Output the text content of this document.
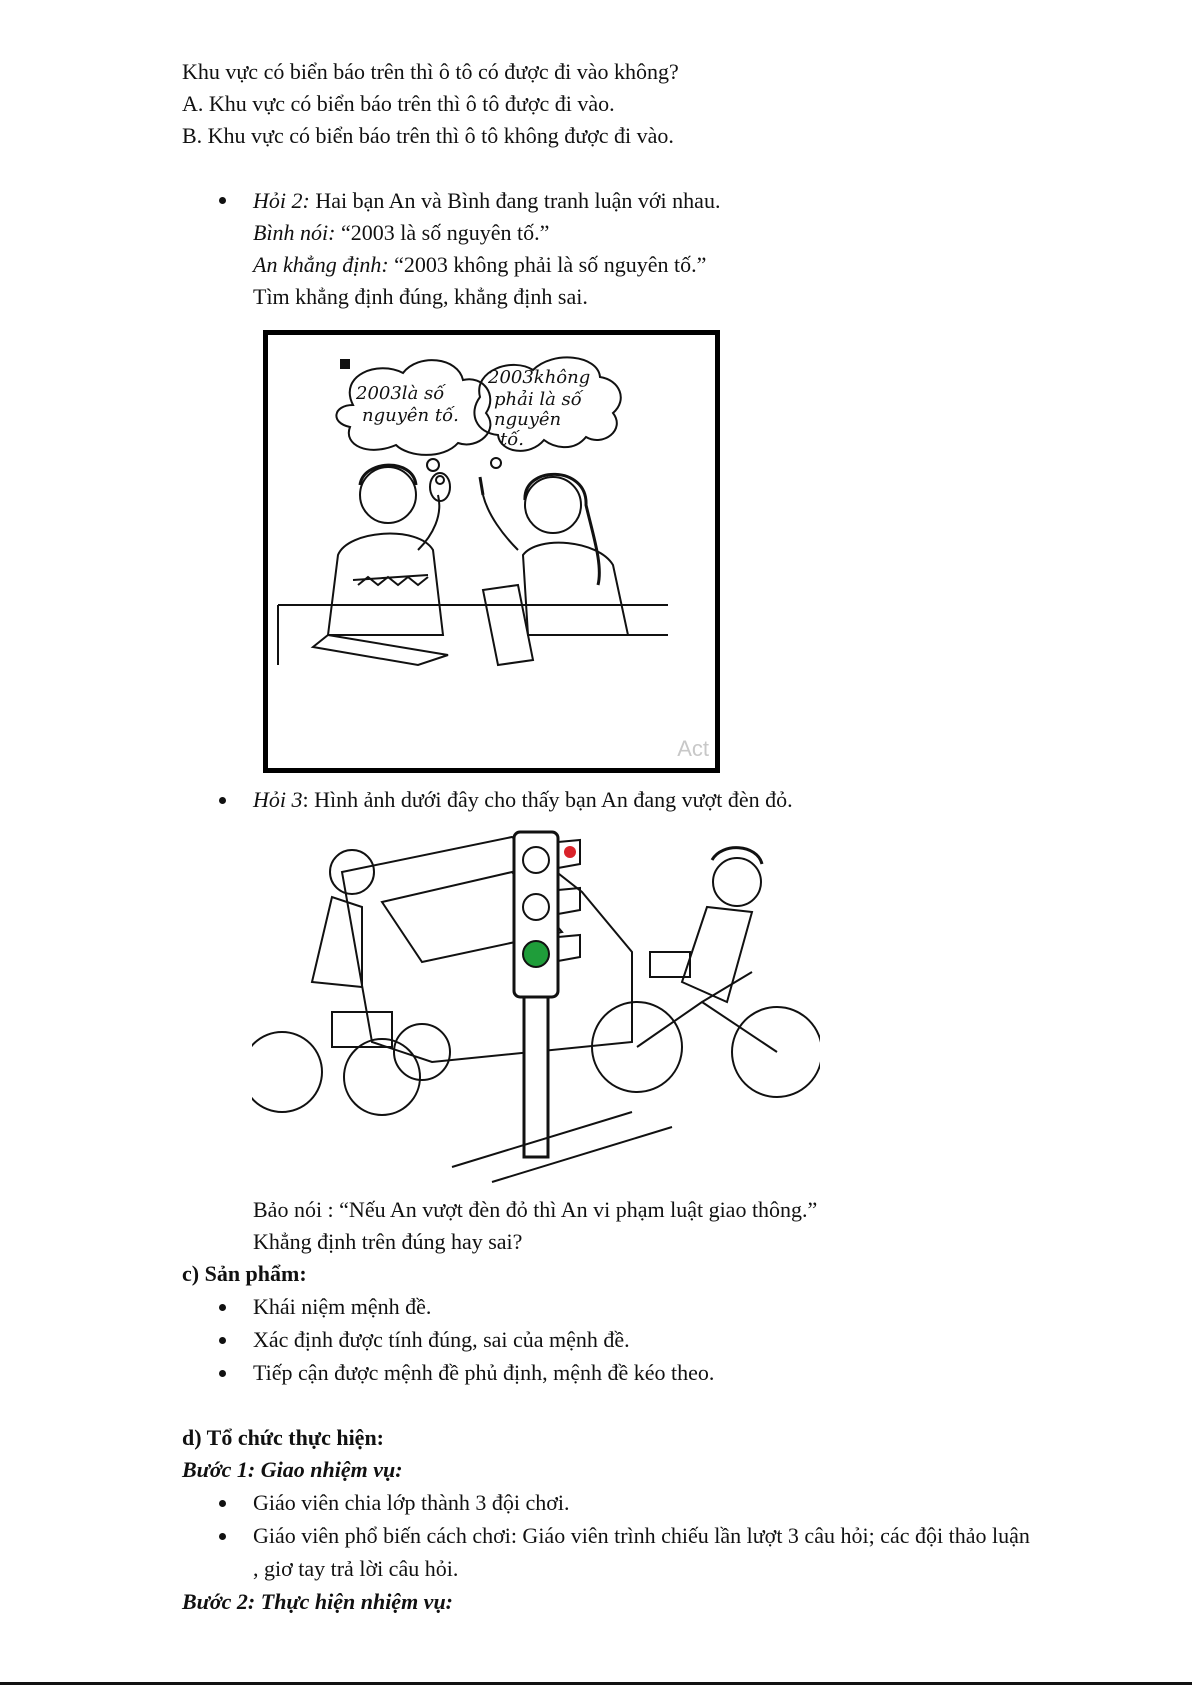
Khu vực có biển báo trên thì ô tô có được đi vào không?
A. Khu vực có biển báo trên thì ô tô được đi vào.
B. Khu vực có biển báo trên thì ô tô không được đi vào.
Hỏi 2: Hai bạn An và Bình đang tranh luận với nhau.
Bình nói: “2003 là số nguyên tố.”
An khẳng định: “2003 không phải là số nguyên tố.”
Tìm khẳng định đúng, khẳng định sai.
2003là số
nguyên tố.
2003không
phải là số
nguyên
tố.
Act
Hỏi 3: Hình ảnh dưới đây cho thấy bạn An đang vượt đèn đỏ.
Bảo nói : “Nếu An vượt đèn đỏ thì An vi phạm luật giao thông.”
Khẳng định trên đúng hay sai?
c) Sản phẩm:
Khái niệm mệnh đề.
Xác định được tính đúng, sai của mệnh đề.
Tiếp cận được mệnh đề phủ định, mệnh đề kéo theo.
d) Tổ chức thực hiện:
Bước 1: Giao nhiệm vụ:
Giáo viên chia lớp thành 3 đội chơi.
Giáo viên phổ biến cách chơi: Giáo viên trình chiếu lần lượt 3 câu hỏi; các đội thảo luận
, giơ tay trả lời câu hỏi.
Bước 2: Thực hiện nhiệm vụ:
